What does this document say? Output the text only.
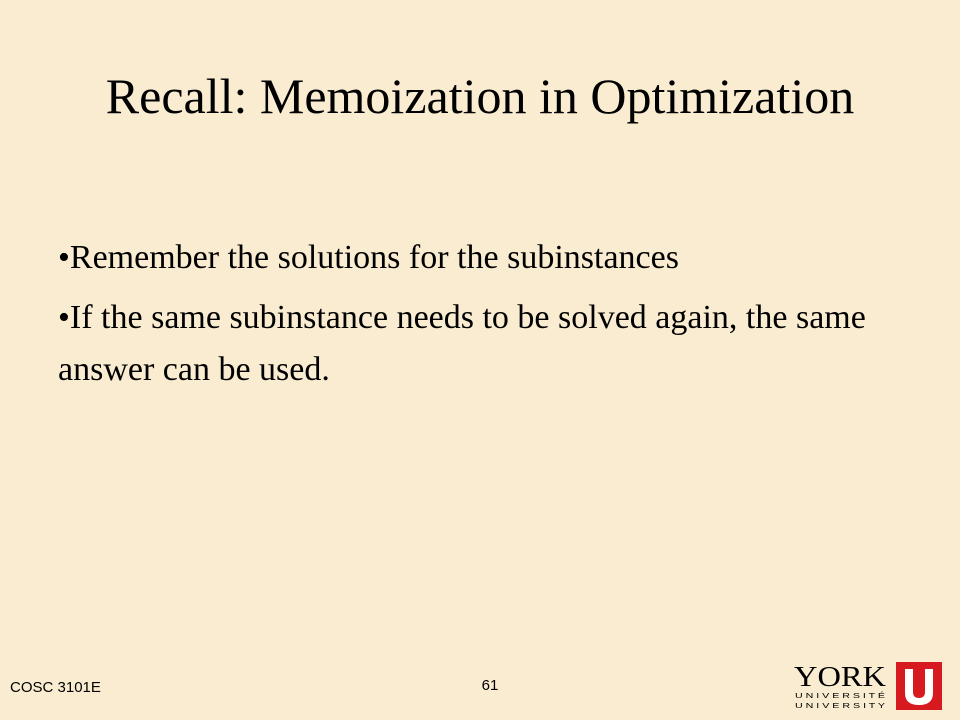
Recall: Memoization in Optimization
•Remember the solutions for the subinstances
•If the same subinstance needs to be solved again, the same answer can be used.
COSC 3101E	61	YORK
U N I V E R S I T É
U N I V E R S I T Y
